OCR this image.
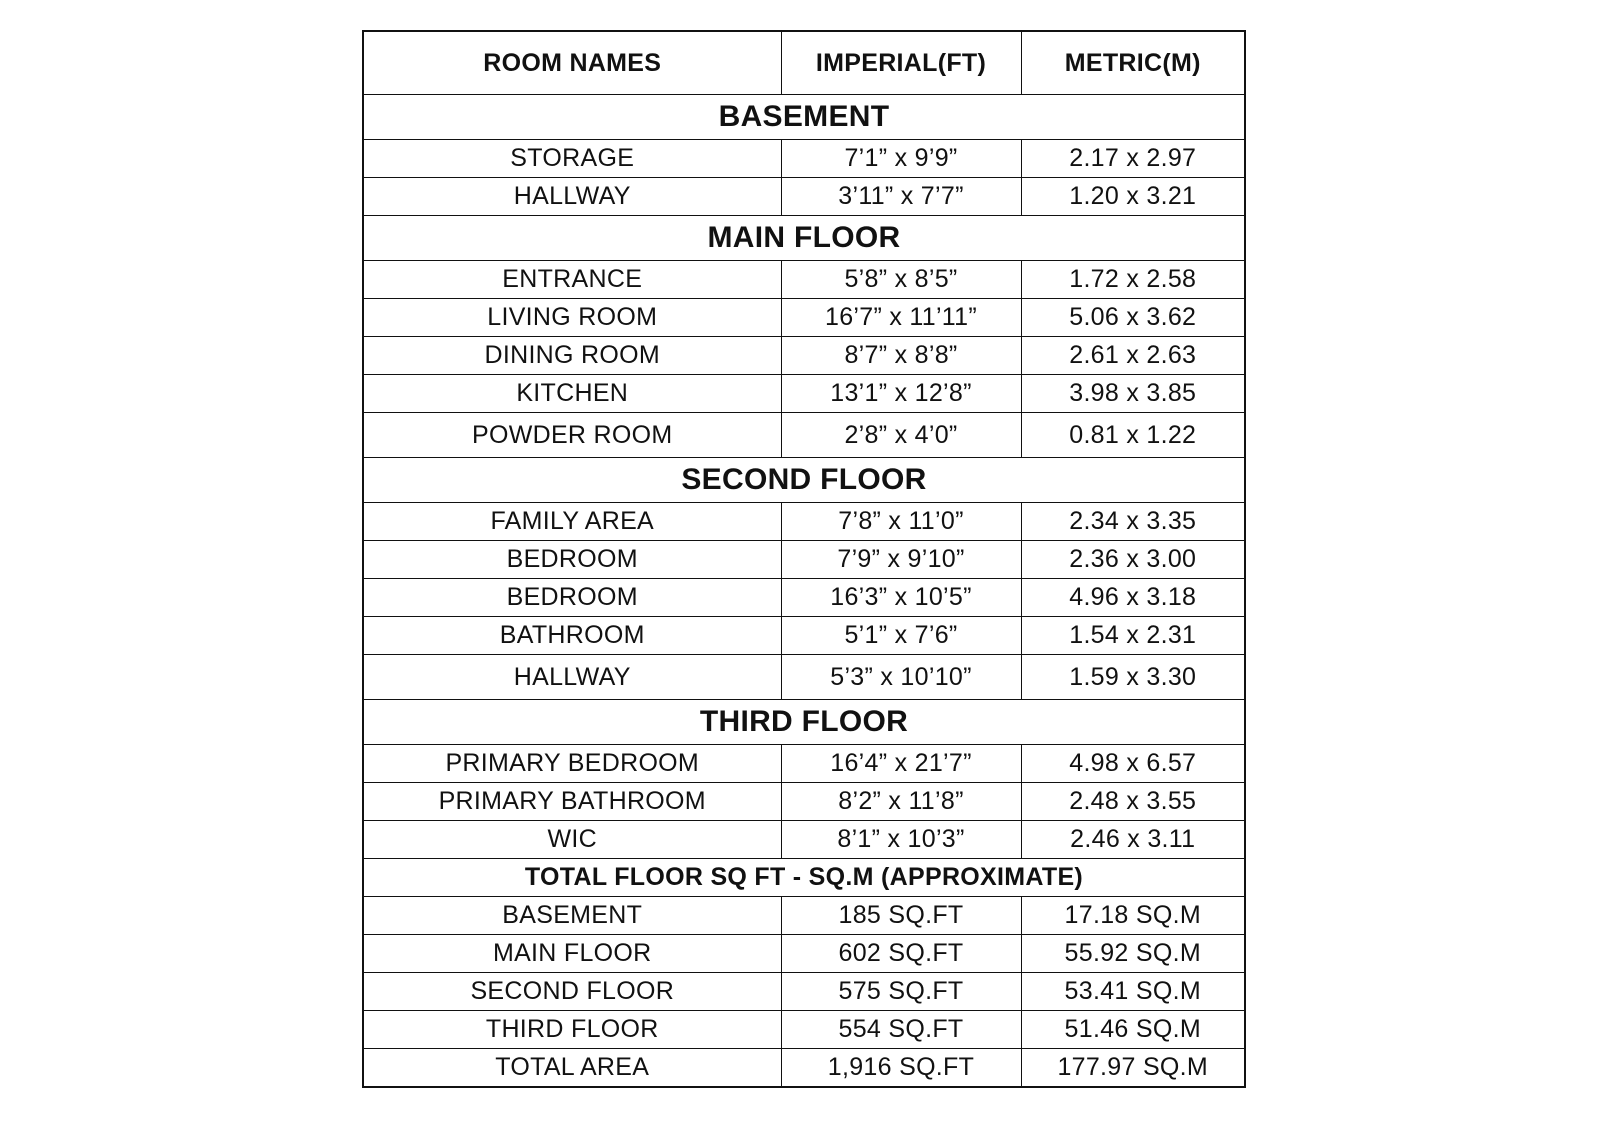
ROOM NAMES	IMPERIAL(FT)	METRIC(M)
BASEMENT		
STORAGE	7’1” x 9’9”	2.17 x 2.97
HALLWAY	3’11” x 7’7”	1.20 x 3.21
MAIN FLOOR		
ENTRANCE	5’8” x 8’5”	1.72 x 2.58
LIVING ROOM	16’7” x 11’11”	5.06 x 3.62
DINING ROOM	8’7” x 8’8”	2.61 x 2.63
KITCHEN	13’1” x 12’8”	3.98 x 3.85
POWDER ROOM	2’8” x 4’0”	0.81 x 1.22
SECOND FLOOR		
FAMILY AREA	7’8” x 11’0”	2.34 x 3.35
BEDROOM	7’9” x 9’10”	2.36 x 3.00
BEDROOM	16’3” x 10’5”	4.96 x 3.18
BATHROOM	5’1” x 7’6”	1.54 x 2.31
HALLWAY	5’3” x 10’10”	1.59 x 3.30
THIRD FLOOR		
PRIMARY BEDROOM	16’4” x 21’7”	4.98 x 6.57
PRIMARY BATHROOM	8’2” x 11’8”	2.48 x 3.55
WIC	8’1” x 10’3”	2.46 x 3.11
TOTAL FLOOR SQ FT - SQ.M (APPROXIMATE)		
BASEMENT	185 SQ.FT	17.18 SQ.M
MAIN FLOOR	602 SQ.FT	55.92 SQ.M
SECOND FLOOR	575 SQ.FT	53.41 SQ.M
THIRD FLOOR	554 SQ.FT	51.46 SQ.M
TOTAL AREA	1,916 SQ.FT	177.97 SQ.M
